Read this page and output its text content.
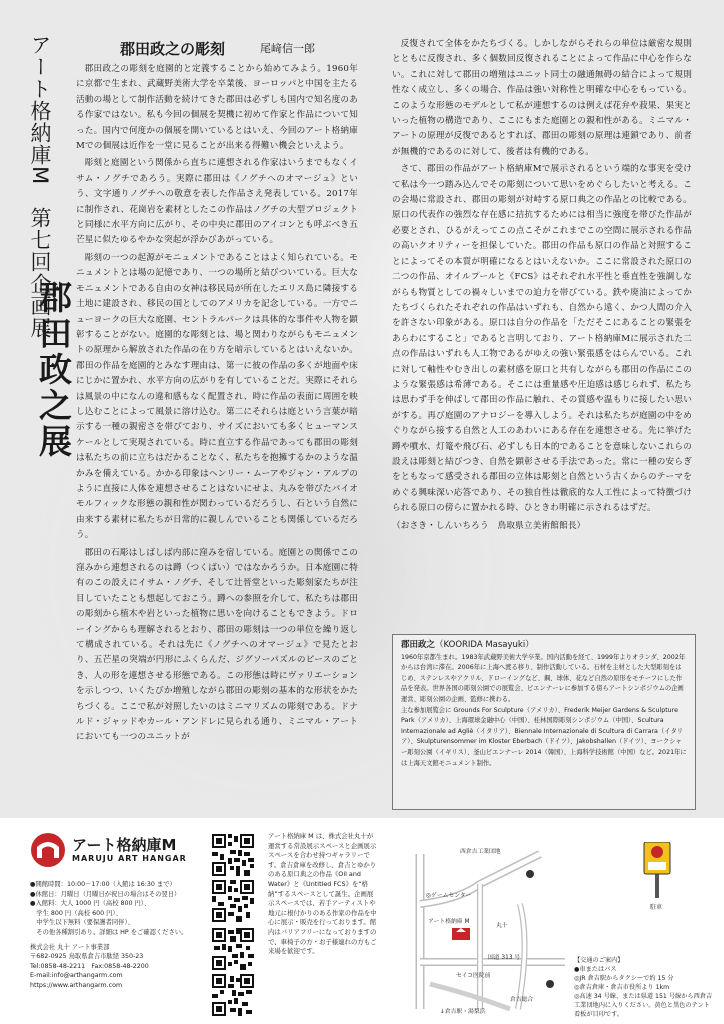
アート格納庫M　第七回企画展
郡田政之展
郡田政之の彫刻	尾﨑信一郎

郡田政之の彫刻を庭園的と定義することから始めてみよう。1960年に京都で生まれ、武蔵野美術大学を卒業後、ヨーロッパと中国を主たる活動の場として制作活動を続けてきた郡田は必ずしも国内で知名度のある作家ではない。私も今回の個展を契機に初めて作家と作品について知った。国内で何度かの個展を開いているとはいえ、今回のアート格納庫Mでの個展は近作を一堂に見ることが出来る得難い機会といえよう。

彫刻と庭園という関係から直ちに連想される作家はいうまでもなくイサム・ノグチであろう。実際に郡田は《ノグチへのオマージュ》という、文字通りノグチへの敬意を表した作品さえ発表している。2017年に制作され、花崗岩を素材としたこの作品はノグチの大型プロジェクトと同様に水平方向に広がり、その中央に郡田のアイコンとも呼ぶべき五芒星に似たゆるやかな突起が浮かびあがっている。

彫刻の一つの起源がモニュメントであることはよく知られている。モニュメントとは場の記憶であり、一つの場所と結びついている。巨大なモニュメントである自由の女神は移民局が所在したエリス島に隣接する土地に建設され、移民の国としてのアメリカを記念している。一方でニューヨークの巨大な庭園、セントラルパークは具体的な事件や人物を顕彰することがない。庭園的な彫刻とは、場と関わりながらもモニュメントの原理から解放された作品の在り方を暗示しているとはいえないか。郡田の作品を庭園的とみなす理由は、第一に彼の作品の多くが地面や床にじかに置かれ、水平方向の広がりを有していることだ。実際にそれらは風景の中になんの違和感もなく配置され、時に作品の表面に周囲を映し込むことによって風景に溶け込む。第二にそれらは庭という言葉が暗示する一種の親密さを帯びており、サイズにおいても多くヒューマンスケールとして実現されている。時に直立する作品であっても郡田の彫刻は私たちの前に立ちはだかることなく、私たちを抱擁するかのような温かみを備えている。かかる印象はヘンリー・ムーアやジャン・アルプのように直接に人体を連想させることはないにせよ、丸みを帯びたバイオモルフィックな形態の親和性が関わっているだろうし、石という自然に由来する素材に私たちが日常的に親しんでいることも関係しているだろう。

郡田の石彫はしばしば内部に窪みを宿している。庭園との関係でこの窪みから連想されるのは蹲（つくばい）ではなかろうか。日本庭園に特有のこの設えにイサム・ノグチ、そして辻晉堂といった彫刻家たちが注目していたことも想起しておこう。蹲への参照を介して、私たちは郡田の彫刻から植木や岩といった植物に思いを向けることもできよう。ドローイングからも理解されるとおり、郡田の彫刻は一つの単位を繰り返して構成されている。それは先に《ノグチへのオマージュ》で見たとおり、五芒星の突端が円形にふくらんだ、ジグソーパズルのピースのごとき、人の形を連想させる形態である。この形態は時にヴァリエーションを示しつつ、いくたびか増殖しながら郡田の彫刻の基本的な形状をかたちづくる。ここで私が対照したいのはミニマリズムの彫刻である。ドナルド・ジャッドやカール・アンドレに見られる通り、ミニマル・アートにおいても一つのユニットが

反復されて全体をかたちづくる。しかしながらそれらの単位は厳密な規則とともに反復され、多く個数回反復されることによって作品に中心を作らない。これに対して郡田の増殖はユニット同士の融通無碍の結合によって規則性なく成立し、多くの場合、作品は強い対称性と明確な中心をもっている。このような形態のモデルとして私が連想するのは例えば花弁や菽果、果実といった植物の構造であり、ここにもまた庭園との親和性がある。ミニマル・アートの原理が反復であるとすれば、郡田の彫刻の原理は連鎖であり、前者が無機的であるのに対して、後者は有機的である。

さて、郡田の作品がアート格納庫Mで展示されるという端的な事実を受けて私は今一つ踏み込んでその彫刻について思いをめぐらしたいと考える。この会場に常設され、郡田の彫刻が対峙する原口典之の作品との比較である。原口の代表作の強烈な存在感に拮抗するためには相当に強度を帯びた作品が必要とされ、ひるがえってこの点こそがこれまでこの空間に展示される作品の高いクオリティーを担保していた。郡田の作品も原口の作品と対照することによってその本質が明確になるとはいえないか。ここに常設された原口の二つの作品、オイルプールと《FCS》はそれぞれ水平性と垂直性を強調しながらも物質としての禍々しいまでの迫力を帯びている。鉄や廃油によってかたちづくられたそれぞれの作品はいずれも、自然から遠く、かつ人間の介入を許さない印象がある。原口は自分の作品を「ただそこにあることの緊張をあらわにすること」であると言明しており、アート格納庫Mに展示された二点の作品はいずれも人工物であるがゆえの強い緊張感をはらんでいる。これに対して軸性やむき出しの素材感を原口と共有しながらも郡田の作品にこのような緊張感は希薄である。そこには重量感や圧迫感は感じられず、私たちは思わず手を伸ばして郡田の作品に触れ、その質感や温もりに接したい思いがする。再び庭園のアナロジーを導入しよう。それは私たちが庭園の中をめぐりながら接する自然と人工のあわいにある存在を連想させる。先に挙げた蹲や噴水、灯篭や飛び石、必ずしも日本的であることを意味しないこれらの設えは彫刻と結びつき、自然を顕彰させる手法であった。常に一種の安らぎをともなって感受される郡田の立体は彫刻と自然という古くからのテーマをめぐる興味深い応答であり、その独自性は徹底的な人工性によって特徴づけられる原口の傍らに置かれる時、ひときわ明確に示されるはずだ。

（おさき・しんいちろう　鳥取県立美術館館長）

郡田政之（KOORIDA Masayuki）

1960年京都生まれ。1983年武蔵野美術大学卒業。国内活動を経て、1999年よりオランダ、2002年からは台湾に滞在。2006年に上海へ渡る移り、制作活動している。石材を主材とした大型彫刻をはじめ、ステンレスやアクリル、ドローイングなど、鋼、球体、花など自然の原形をモチーフにした作品を発表。世界各国の彫刻公園での展覧会、ビエンナーレに参加する傍らアートシンポジウムの企画運営、彫刻公園の企画、監修に携わる。

主な参加展覧会に Grounds For Sculpture（アメリカ）、Frederik Meijer Gardens & Sculpture Park（アメリカ）、上海環球金融中心（中国）、桂林国際彫刻シンポジウム（中国）、Scultura Internazionale ad Agliè（イタリア）、Biennale Internazionale di Scultura di Carrara（イタリア）、Skulpturensommer im Kloster Eberbach（ドイツ）、Jakobshallen（ドイツ）、ヨークシャー彫刻公園（イギリス）、釜山ビエンナーレ 2014（韓国）、上海科学技術館（中国）など。2021年には上海天文館モニュメント制作。

アート格納庫M
MARUJU ART HANGAR

●開館時間：10:00－17:00（入館は 16:30 まで）

●休館日：月曜日（月曜日が祝日の場合はその翌日）

●入館料：大人 1000 円（高校 800 円）、

　学生 800 円（高校 600 円）、

　中学生以下無料（要保護者同伴）、

　その他各種割引あり。詳細は HP をご確認ください。

株式会社 丸十 アート事業部

〒682-0925 鳥取県倉吉市駄経 350-23

Tel:0858-48-2211　Fax:0858-48-2200

E-mail:info@arthangarm.com

https://www.arthangarm.com

アート格納庫 M は、株式会社丸十が運営する常設展示スペースと企画展示スペースを合わせ持つギャラリーです。倉吉倉庫を改修し、倉吉とゆかりのある原口典之の作品《Oil and Water》と《Untitled FCS》を“格納”するスペースとして誕生。企画展示スペースでは、若手アーティストや地元に根付かりのある作家の作品を中心に展示・販売を行っております。館内はバリアフリーになっておりますので、車椅子の方・お子様連れの方もご来場を歓迎です。
西倉吉工業団地
◎ゲームセンター
アート格納庫 M
丸十
国道 313 号
セイコ医院前
倉吉総合
↓倉吉駅・湯梨浜
駐車

【交通のご案内】

●車またはバス

◎JR 倉吉駅からタクシーで約 15 分

◎倉吉倉庫・倉吉市役所より 1km

◎高速 34 号線、または県道 151 号線から西倉吉工業団地内に入りください。黄色と黒色のテント看板が目印です。
